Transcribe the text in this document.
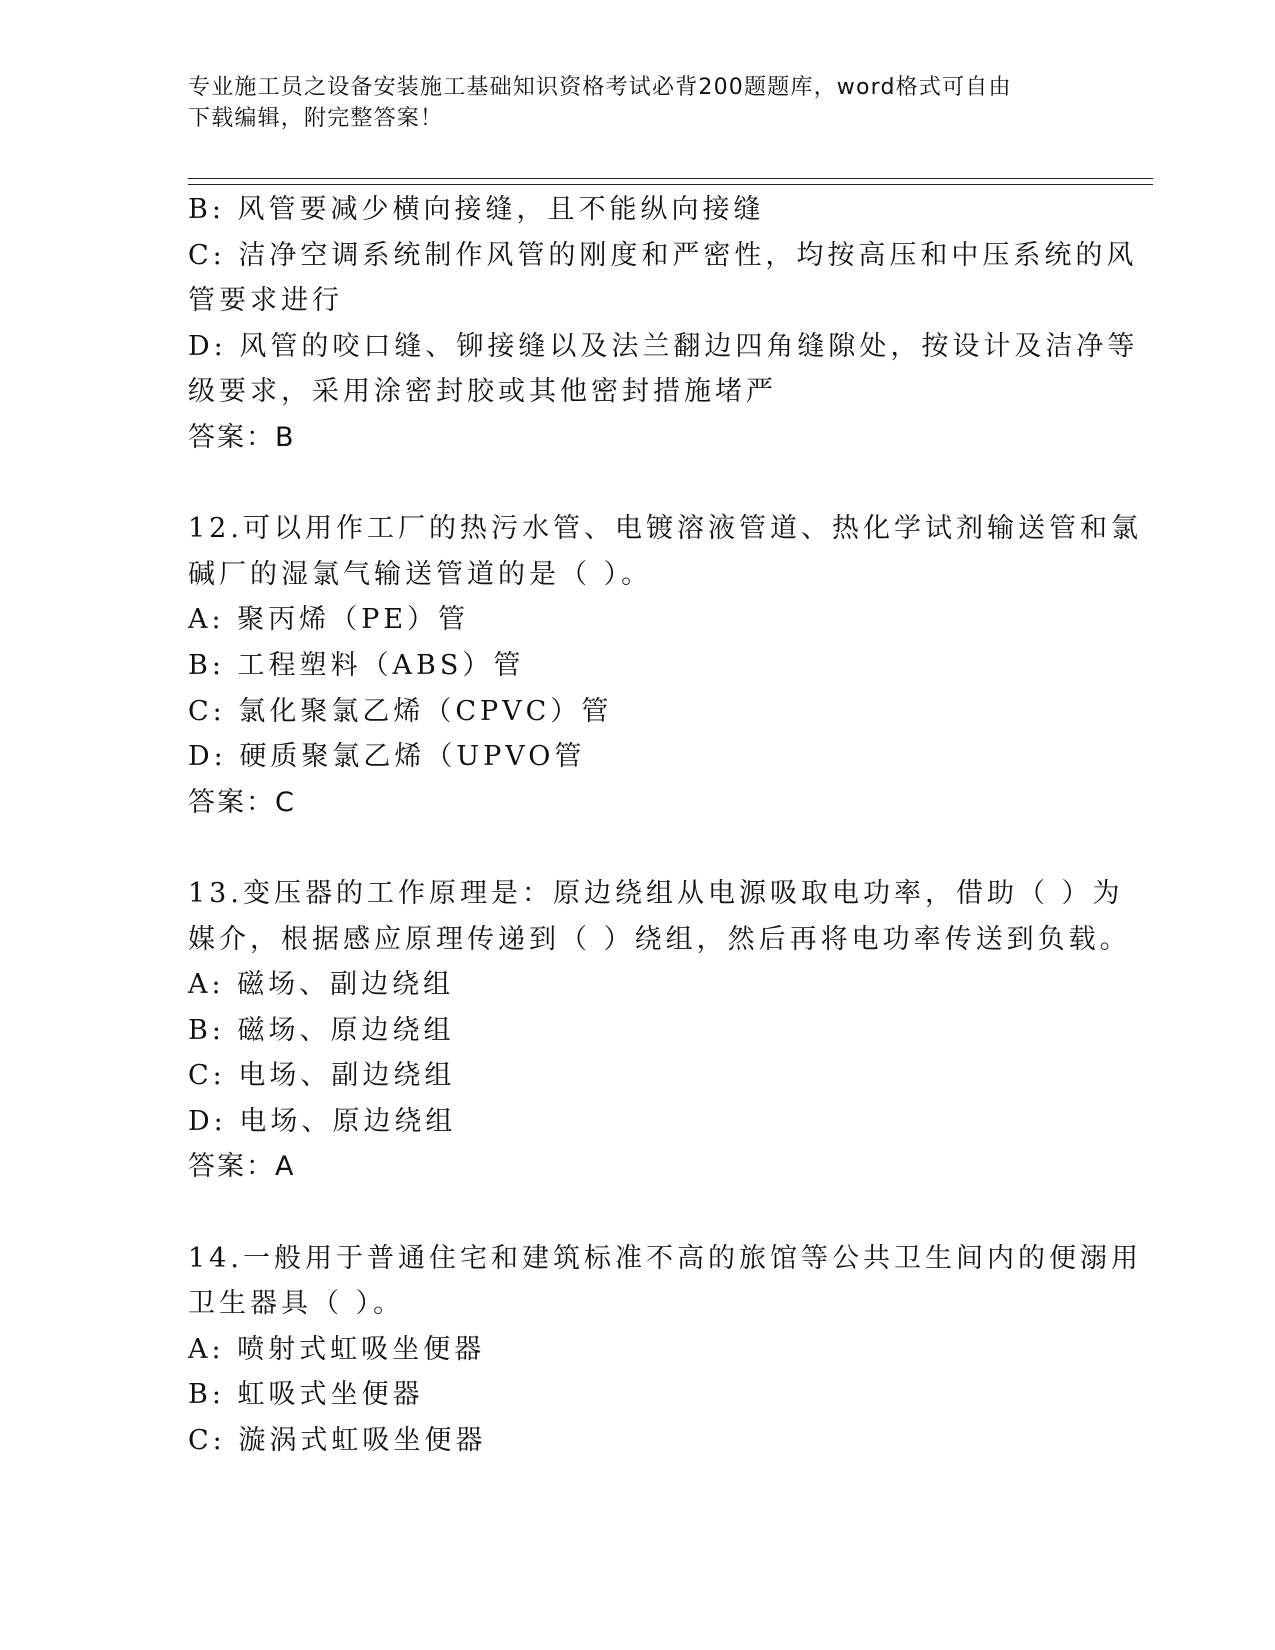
专业施工员之设备安装施工基础知识资格考试必背200题题库，word格式可自由
下载编辑，附完整答案！
B: 风管要减少横向接缝，且不能纵向接缝
C: 洁净空调系统制作风管的刚度和严密性，均按高压和中压系统的风
管要求进行
D: 风管的咬口缝、铆接缝以及法兰翻边四角缝隙处，按设计及洁净等
级要求，采用涂密封胶或其他密封措施堵严
答案：B
12.可以用作工厂的热污水管、电镀溶液管道、热化学试剂输送管和氯
碱厂的湿氯气输送管道的是（ ）。
A: 聚丙烯（PE）管
B: 工程塑料（ABS）管
C: 氯化聚氯乙烯（CPVC）管
D: 硬质聚氯乙烯（UPVO管
答案：C
13.变压器的工作原理是：原边绕组从电源吸取电功率，借助（ ）为
媒介，根据感应原理传递到（ ）绕组，然后再将电功率传送到负载。
A: 磁场、副边绕组
B: 磁场、原边绕组
C: 电场、副边绕组
D: 电场、原边绕组
答案：A
14.一般用于普通住宅和建筑标准不高的旅馆等公共卫生间内的便溺用
卫生器具（ ）。
A: 喷射式虹吸坐便器
B: 虹吸式坐便器
C: 漩涡式虹吸坐便器
